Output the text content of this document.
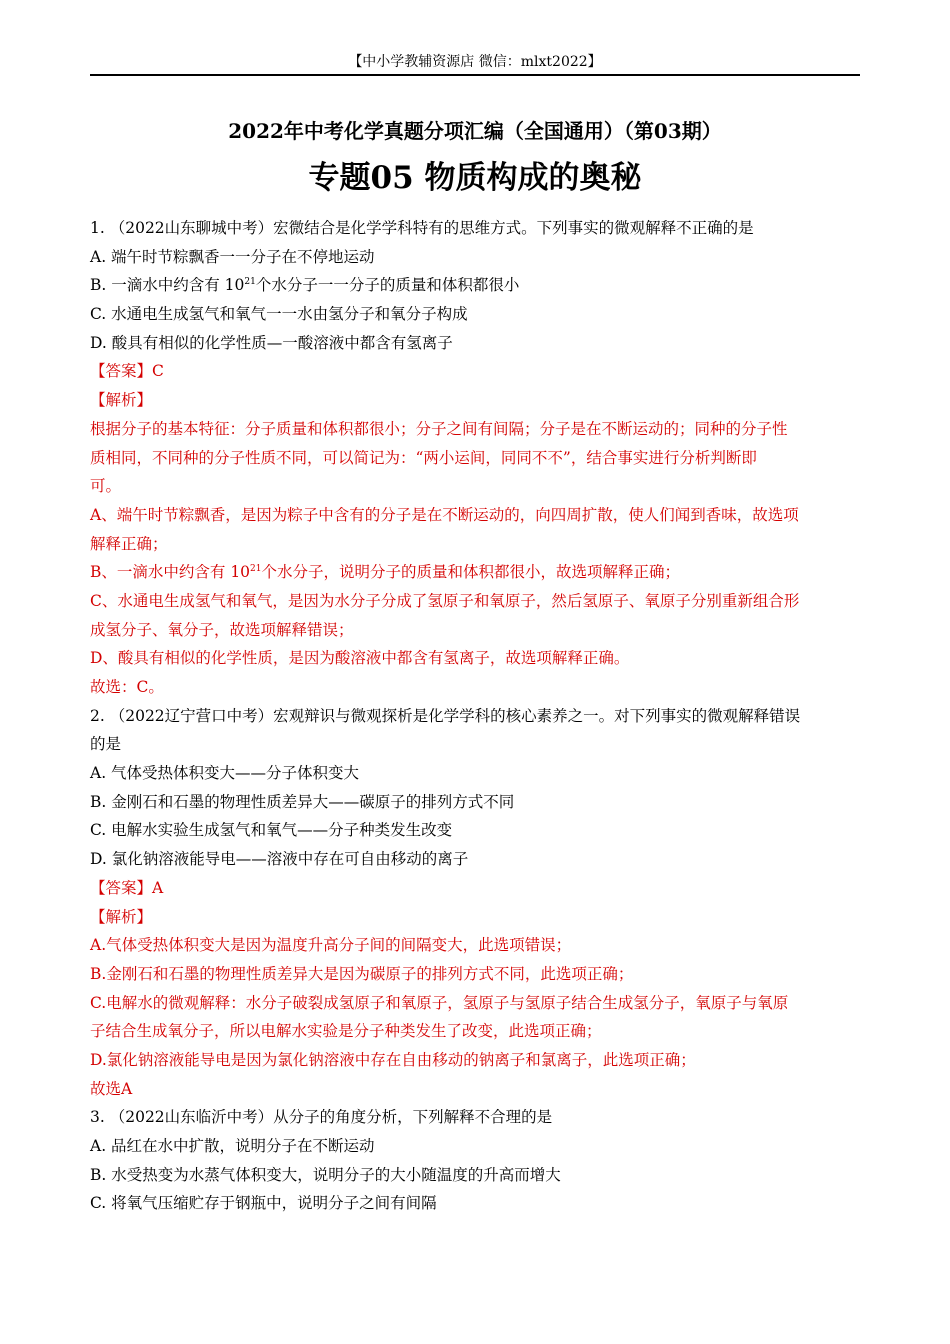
【中小学教辅资源店 微信：mlxt2022】
2022年中考化学真题分项汇编（全国通用）（第03期）
专题05 物质构成的奥秘
1. （2022山东聊城中考）宏微结合是化学学科特有的思维方式。下列事实的微观解释不正确的是
A. 端午时节粽飘香一一分子在不停地运动
B. 一滴水中约含有 $10^{21}$个水分子一一分子的质量和体积都很小
C. 水通电生成氢气和氧气一一水由氢分子和氧分子构成
D. 酸具有相似的化学性质—一酸溶液中都含有氢离子
【答案】C
【解析】
根据分子的基本特征：分子质量和体积都很小；分子之间有间隔；分子是在不断运动的；同种的分子性
质相同，不同种的分子性质不同，可以简记为：“两小运间，同同不不”，结合事实进行分析判断即
可。
A、端午时节粽飘香，是因为粽子中含有的分子是在不断运动的，向四周扩散，使人们闻到香味，故选项
解释正确；
B、一滴水中约含有 $10^{21}$个水分子，说明分子的质量和体积都很小，故选项解释正确；
C、水通电生成氢气和氧气，是因为水分子分成了氢原子和氧原子，然后氢原子、氧原子分别重新组合形
成氢分子、氧分子，故选项解释错误；
D、酸具有相似的化学性质，是因为酸溶液中都含有氢离子，故选项解释正确。
故选：C。
2. （2022辽宁营口中考）宏观辩识与微观探析是化学学科的核心素养之一。对下列事实的微观解释错误
的是
A. 气体受热体积变大——分子体积变大
B. 金刚石和石墨的物理性质差异大——碳原子的排列方式不同
C. 电解水实验生成氢气和氧气——分子种类发生改变
D. 氯化钠溶液能导电——溶液中存在可自由移动的离子
【答案】A
【解析】
A.气体受热体积变大是因为温度升高分子间的间隔变大，此选项错误；
B.金刚石和石墨的物理性质差异大是因为碳原子的排列方式不同，此选项正确；
C.电解水的微观解释：水分子破裂成氢原子和氧原子，氢原子与氢原子结合生成氢分子，氧原子与氧原
子结合生成氧分子，所以电解水实验是分子种类发生了改变，此选项正确；
D.氯化钠溶液能导电是因为氯化钠溶液中存在自由移动的钠离子和氯离子，此选项正确；
故选A
3. （2022山东临沂中考）从分子的角度分析，下列解释不合理的是
A. 品红在水中扩散，说明分子在不断运动
B. 水受热变为水蒸气体积变大，说明分子的大小随温度的升高而增大
C. 将氧气压缩贮存于钢瓶中，说明分子之间有间隔
